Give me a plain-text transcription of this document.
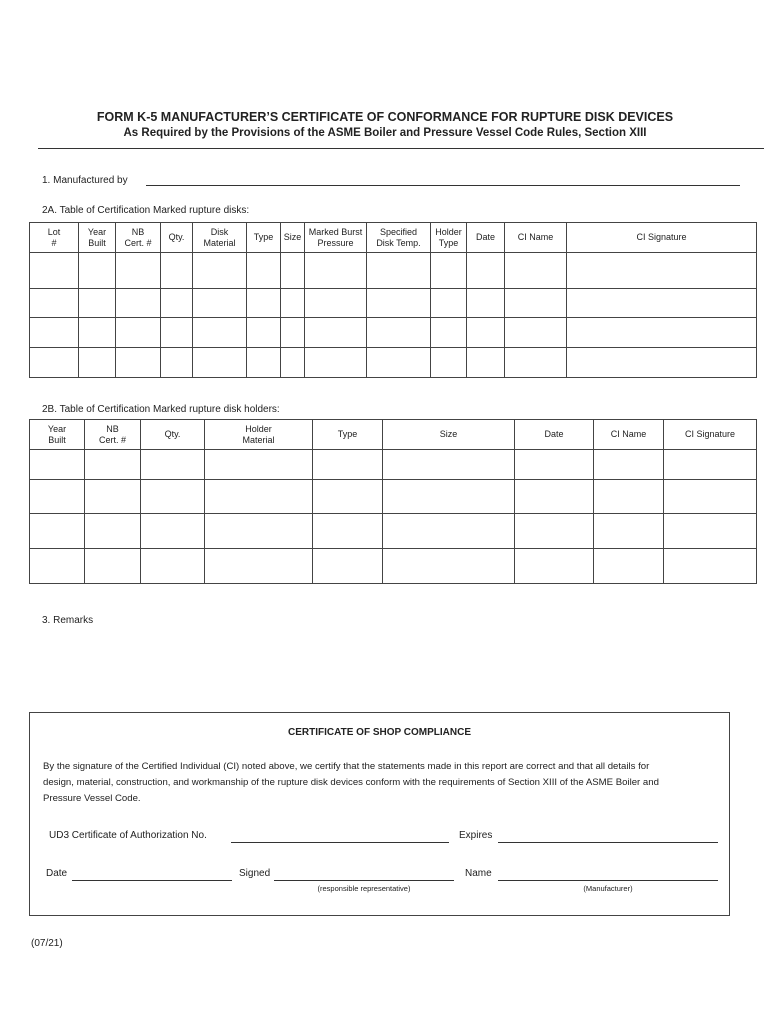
FORM K-5 MANUFACTURER’S CERTIFICATE OF CONFORMANCE FOR RUPTURE DISK DEVICES
As Required by the Provisions of the ASME Boiler and Pressure Vessel Code Rules, Section XIII
1. Manufactured by
2A. Table of Certification Marked rupture disks:
Lot
#	Year
Built	NB
Cert. #	Qty.	Disk
Material	Type	Size	Marked Burst
Pressure	Specified
Disk Temp.	Holder
Type	Date	CI Name	CI Signature

2B. Table of Certification Marked rupture disk holders:
Year
Built	NB
Cert. #	Qty.	Holder
Material	Type	Size	Date	CI Name	CI Signature

3. Remarks
CERTIFICATE OF SHOP COMPLIANCE
By the signature of the Certified Individual (CI) noted above, we certify that the statements made in this report are correct and that all details for
design, material, construction, and workmanship of the rupture disk devices conform with the requirements of Section XIII of the ASME Boiler and
Pressure Vessel Code.
UD3 Certificate of Authorization No.	Expires
Date	Signed	Name
(responsible representative)	(Manufacturer)
(07/21)
